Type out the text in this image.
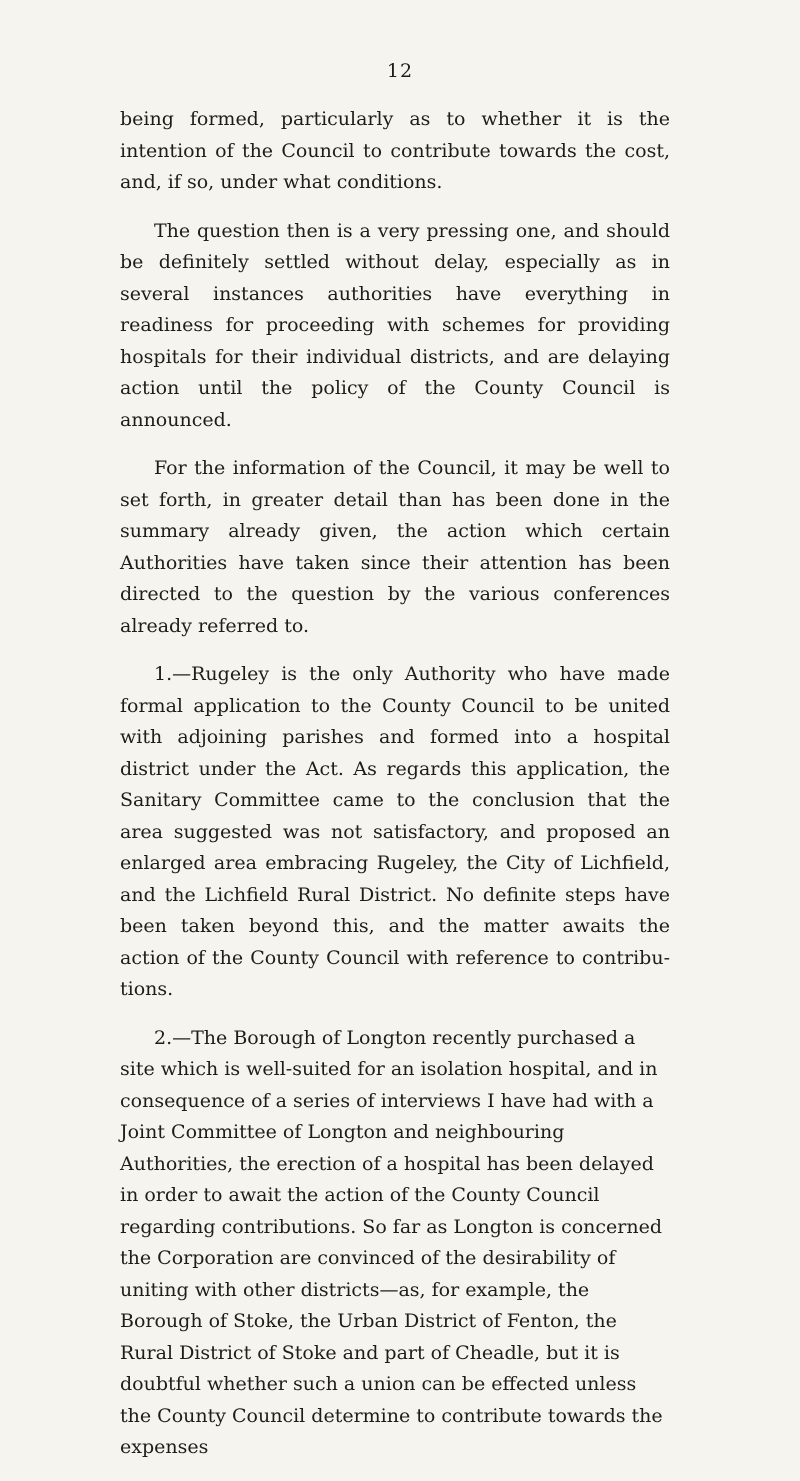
12

being formed, particularly as to whether it is the intention of the Council to contribute towards the cost, and, if so, under what conditions.

The question then is a very pressing one, and should be definitely settled without delay, especially as in several instances authorities have everything in readiness for proceeding with schemes for providing hospitals for their individual districts, and are delaying action until the policy of the County Council is announced.

For the information of the Council, it may be well to set forth, in greater detail than has been done in the summary already given, the action which certain Authorities have taken since their attention has been directed to the question by the various conferences already referred to.

1.—Rugeley is the only Authority who have made formal application to the County Council to be united with adjoining parishes and formed into a hospital district under the Act. As regards this application, the Sanitary Committee came to the conclusion that the area suggested was not satisfactory, and proposed an enlarged area embracing Rugeley, the City of Lichfield, and the Lichfield Rural District. No definite steps have been taken beyond this, and the matter awaits the action of the County Council with reference to contributions.

2.—The Borough of Longton recently purchased a site which is well-suited for an isolation hospital, and in consequence of a series of interviews I have had with a Joint Committee of Longton and neighbouring Authorities, the erection of a hospital has been delayed in order to await the action of the County Council regarding contributions. So far as Longton is concerned the Corporation are convinced of the desirability of uniting with other districts—as, for example, the Borough of Stoke, the Urban District of Fenton, the Rural District of Stoke and part of Cheadle, but it is doubtful whether such a union can be effected unless the County Council determine to contribute towards the expenses
